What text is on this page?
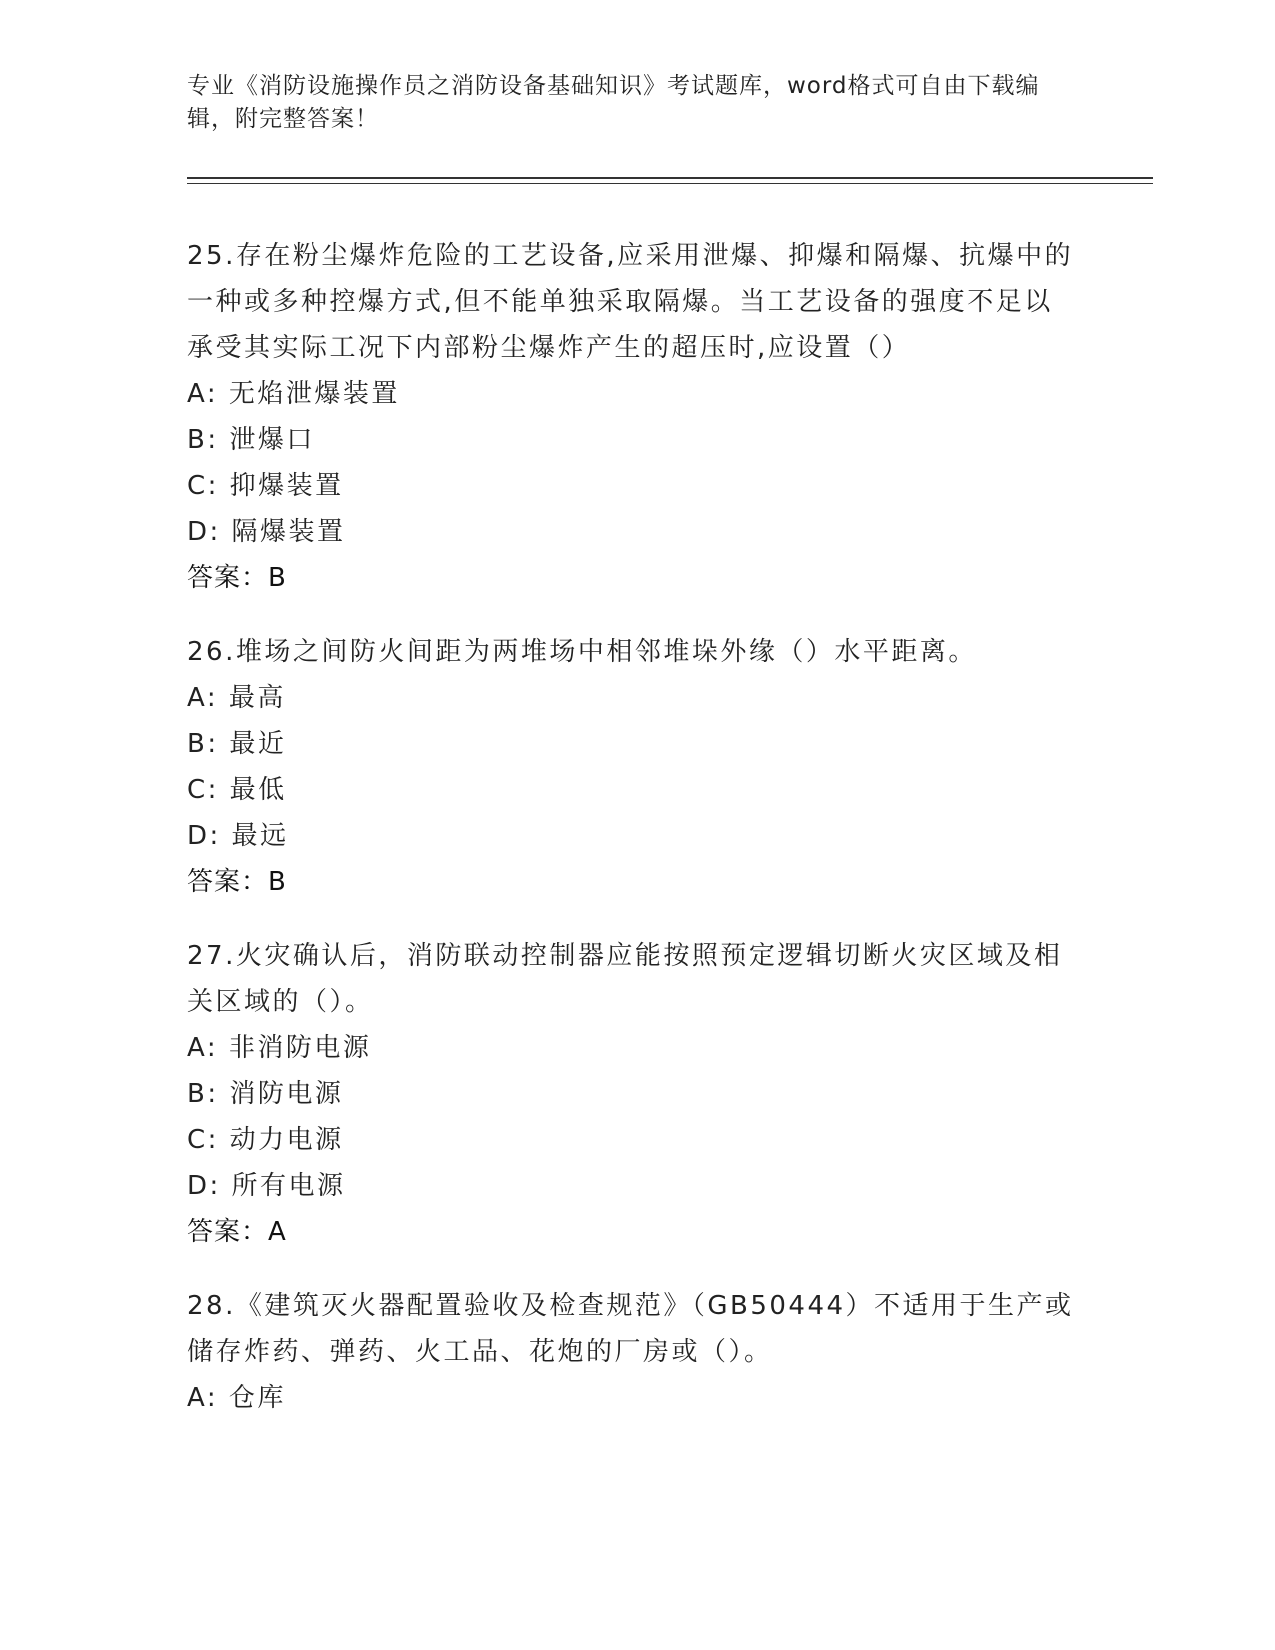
专业《消防设施操作员之消防设备基础知识》考试题库，word格式可自由下载编辑，附完整答案！

25.存在粉尘爆炸危险的工艺设备,应采用泄爆、抑爆和隔爆、抗爆中的一种或多种控爆方式,但不能单独采取隔爆。当工艺设备的强度不足以承受其实际工况下内部粉尘爆炸产生的超压时,应设置（）

A: 无焰泄爆装置

B: 泄爆口

C: 抑爆装置

D: 隔爆装置

答案：B

26.堆场之间防火间距为两堆场中相邻堆垛外缘（）水平距离。

A: 最高

B: 最近

C: 最低

D: 最远

答案：B

27.火灾确认后，消防联动控制器应能按照预定逻辑切断火灾区域及相关区域的（）。

A: 非消防电源

B: 消防电源

C: 动力电源

D: 所有电源

答案：A

28.《建筑灭火器配置验收及检查规范》（GB50444）不适用于生产或储存炸药、弹药、火工品、花炮的厂房或（）。

A: 仓库
